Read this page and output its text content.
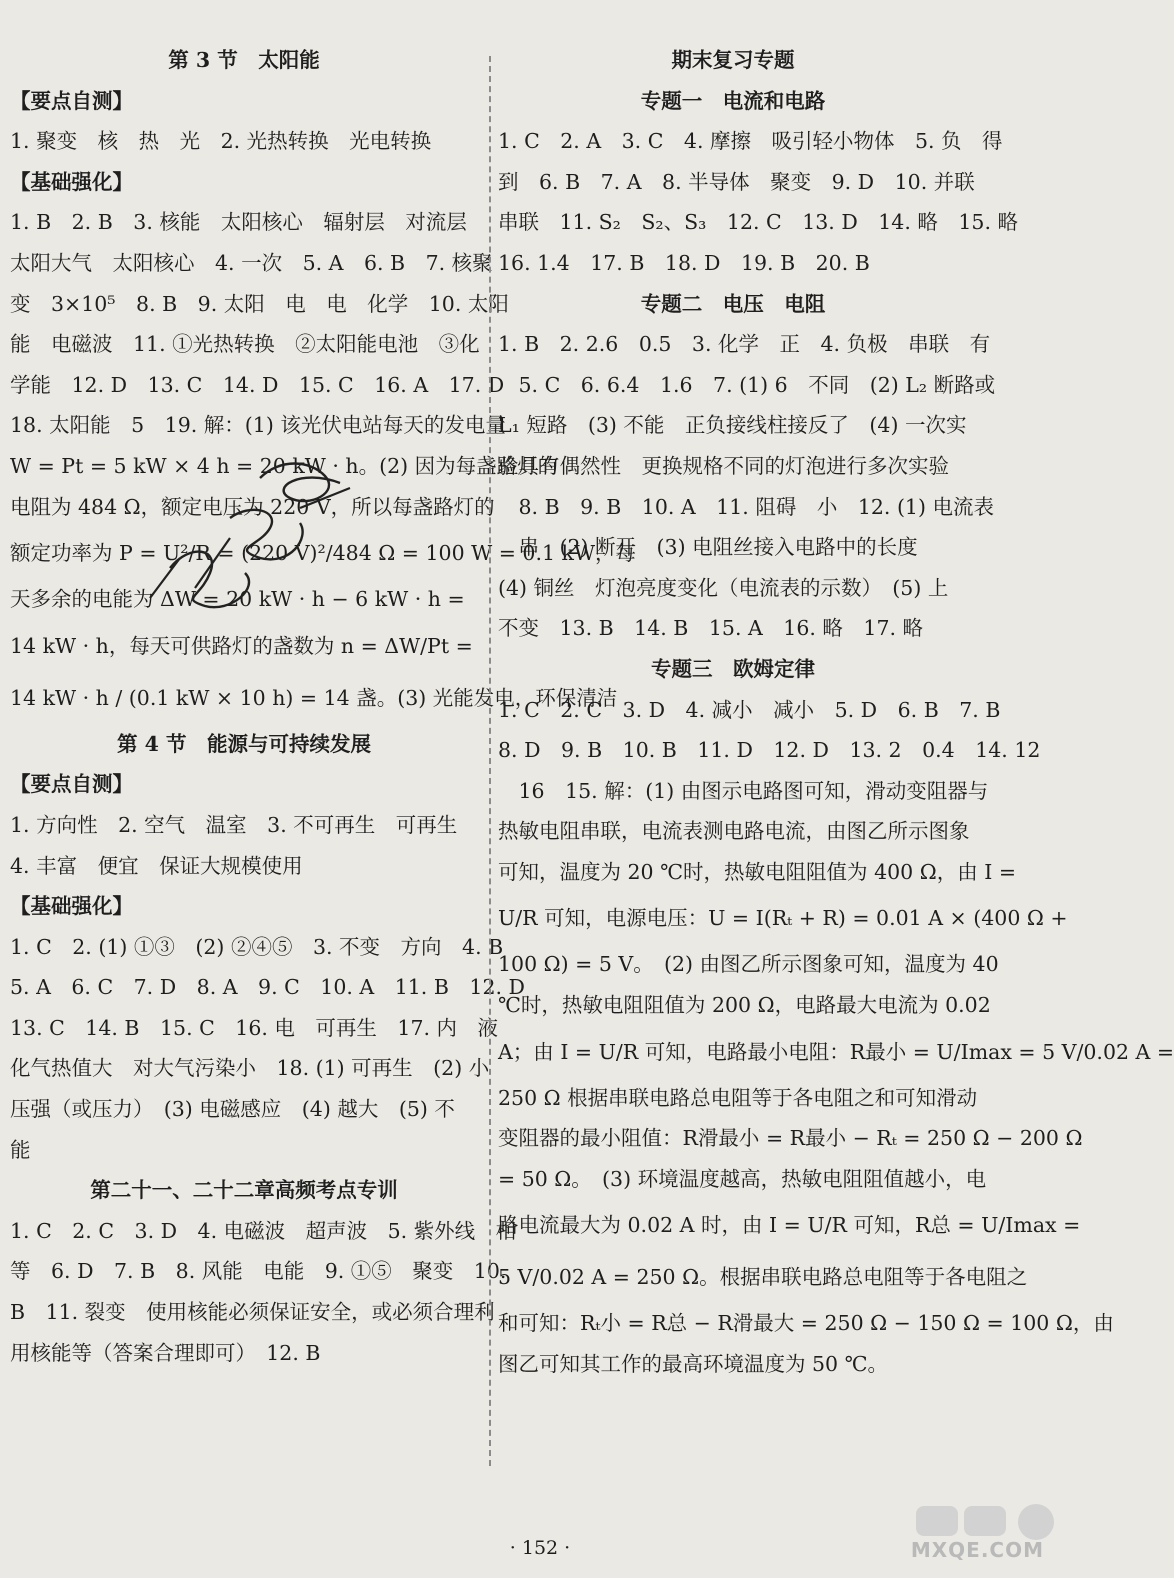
第 3 节　太阳能
【要点自测】
1. 聚变　核　热　光　2. 光热转换　光电转换
【基础强化】
1. B　2. B　3. 核能　太阳核心　辐射层　对流层
太阳大气　太阳核心　4. 一次　5. A　6. B　7. 核聚
变　3×10⁵　8. B　9. 太阳　电　电　化学　10. 太阳
能　电磁波　11. ①光热转换　②太阳能电池　③化
学能　12. D　13. C　14. D　15. C　16. A　17. D
18. 太阳能　5　19. 解：(1) 该光伏电站每天的发电量
W = Pt = 5 kW × 4 h = 20 kW · h。(2) 因为每盏路灯的
电阻为 484 Ω，额定电压为 220 V，所以每盏路灯的
额定功率为 P = U²/R = (220 V)²/484 Ω = 100 W = 0.1 kW，每
天多余的电能为 ΔW = 20 kW · h − 6 kW · h =
14 kW · h，每天可供路灯的盏数为 n = ΔW/Pt =
14 kW · h / (0.1 kW × 10 h) = 14 盏。(3) 光能发电，环保清洁
第 4 节　能源与可持续发展
【要点自测】
1. 方向性　2. 空气　温室　3. 不可再生　可再生
4. 丰富　便宜　保证大规模使用
【基础强化】
1. C　2. (1) ①③　(2) ②④⑤　3. 不变　方向　4. B
5. A　6. C　7. D　8. A　9. C　10. A　11. B　12. D
13. C　14. B　15. C　16. 电　可再生　17. 内　液
化气热值大　对大气污染小　18. (1) 可再生　(2) 小
压强（或压力）　(3) 电磁感应　(4) 越大　(5) 不
能
第二十一、二十二章高频考点专训
1. C　2. C　3. D　4. 电磁波　超声波　5. 紫外线　相
等　6. D　7. B　8. 风能　电能　9. ①⑤　聚变　10.
B　11. 裂变　使用核能必须保证安全，或必须合理利
用核能等（答案合理即可）　12. B
期末复习专题
专题一　电流和电路
1. C　2. A　3. C　4. 摩擦　吸引轻小物体　5. 负　得
到　6. B　7. A　8. 半导体　聚变　9. D　10. 并联
串联　11. S₂　S₂、S₃　12. C　13. D　14. 略　15. 略
16. 1.4　17. B　18. D　19. B　20. B
专题二　电压　电阻
1. B　2. 2.6　0.5　3. 化学　正　4. 负极　串联　有
　5. C　6. 6.4　1.6　7. (1) 6　不同　(2) L₂ 断路或
L₁ 短路　(3) 不能　正负接线柱接反了　(4) 一次实
验具有偶然性　更换规格不同的灯泡进行多次实验
　8. B　9. B　10. A　11. 阻碍　小　12. (1) 电流表
　串　(2) 断开　(3) 电阻丝接入电路中的长度
(4) 铜丝　灯泡亮度变化（电流表的示数）　(5) 上
不变　13. B　14. B　15. A　16. 略　17. 略
专题三　欧姆定律
1. C　2. C　3. D　4. 减小　减小　5. D　6. B　7. B
8. D　9. B　10. B　11. D　12. D　13. 2　0.4　14. 12
　16　15. 解：(1) 由图示电路图可知，滑动变阻器与
热敏电阻串联，电流表测电路电流，由图乙所示图象
可知，温度为 20 ℃时，热敏电阻阻值为 400 Ω，由 I =
U/R 可知，电源电压：U = I(Rₜ + R) = 0.01 A × (400 Ω +
100 Ω) = 5 V。　(2) 由图乙所示图象可知，温度为 40
℃时，热敏电阻阻值为 200 Ω，电路最大电流为 0.02
A；由 I = U/R 可知，电路最小电阻：R最小 = U/Imax = 5 V/0.02 A =
250 Ω 根据串联电路总电阻等于各电阻之和可知滑动
变阻器的最小阻值：R滑最小 = R最小 − Rₜ = 250 Ω − 200 Ω
= 50 Ω。　(3) 环境温度越高，热敏电阻阻值越小，电
路电流最大为 0.02 A 时，由 I = U/R 可知，R总 = U/Imax =
5 V/0.02 A = 250 Ω。根据串联电路总电阻等于各电阻之
和可知：Rₜ小 = R总 − R滑最大 = 250 Ω − 150 Ω = 100 Ω，由
图乙可知其工作的最高环境温度为 50 ℃。
· 152 ·	MXQE.COM
